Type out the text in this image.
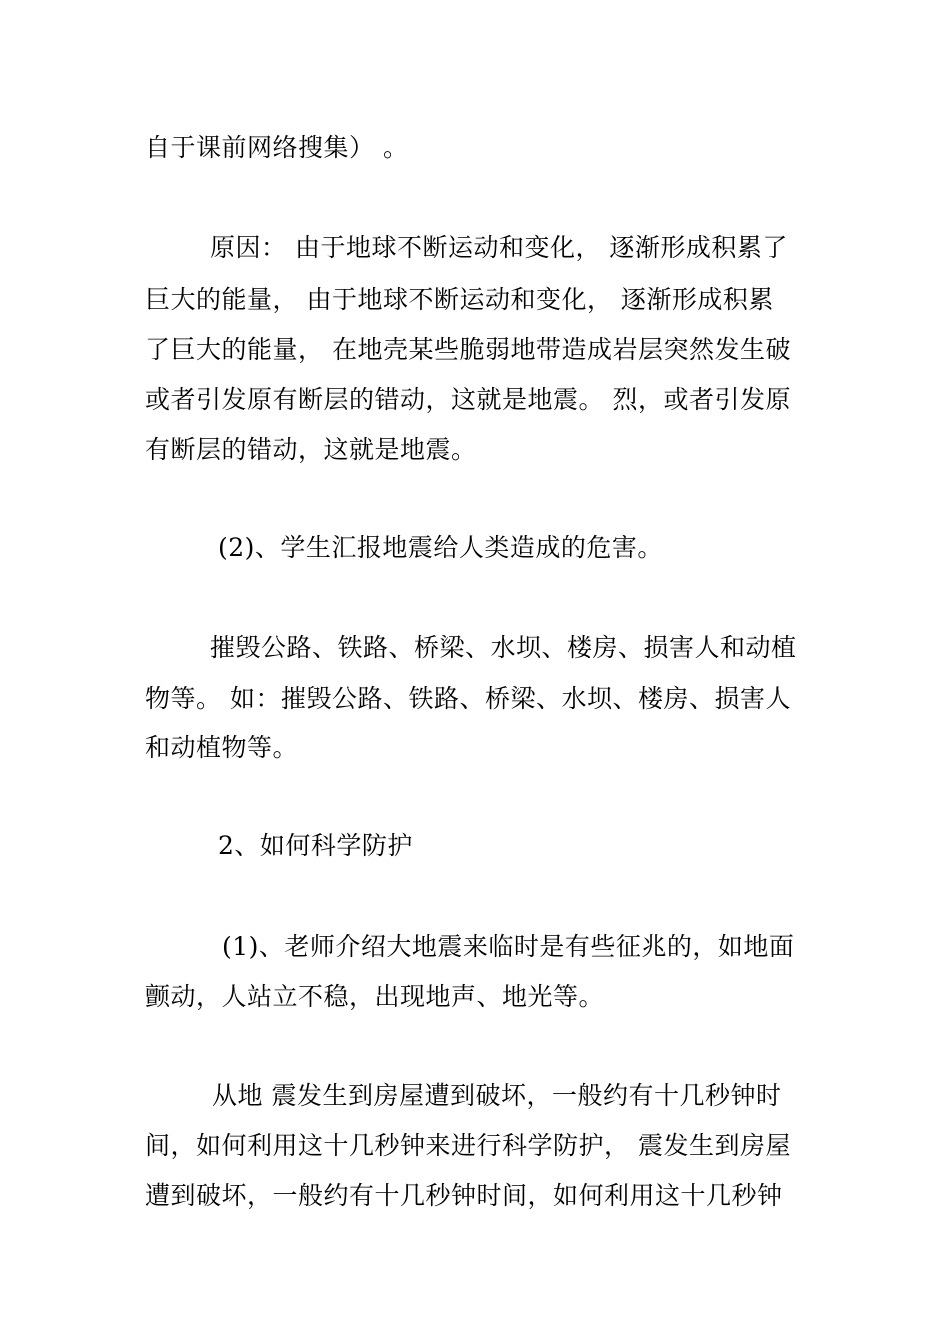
自于课前网络搜集） 。
原因： 由于地球不断运动和变化， 逐渐形成积累了
巨大的能量， 由于地球不断运动和变化， 逐渐形成积累
了巨大的能量， 在地壳某些脆弱地带造成岩层突然发生破
或者引发原有断层的错动，这就是地震。 烈，或者引发原
有断层的错动，这就是地震。
(2)、学生汇报地震给人类造成的危害。
摧毁公路、铁路、桥梁、水坝、楼房、损害人和动植
物等。 如：摧毁公路、铁路、桥梁、水坝、楼房、损害人
和动植物等。
2、如何科学防护
(1)、老师介绍大地震来临时是有些征兆的，如地面
颤动，人站立不稳，出现地声、地光等。
从地 震发生到房屋遭到破坏，一般约有十几秒钟时
间，如何利用这十几秒钟来进行科学防护， 震发生到房屋
遭到破坏，一般约有十几秒钟时间，如何利用这十几秒钟
